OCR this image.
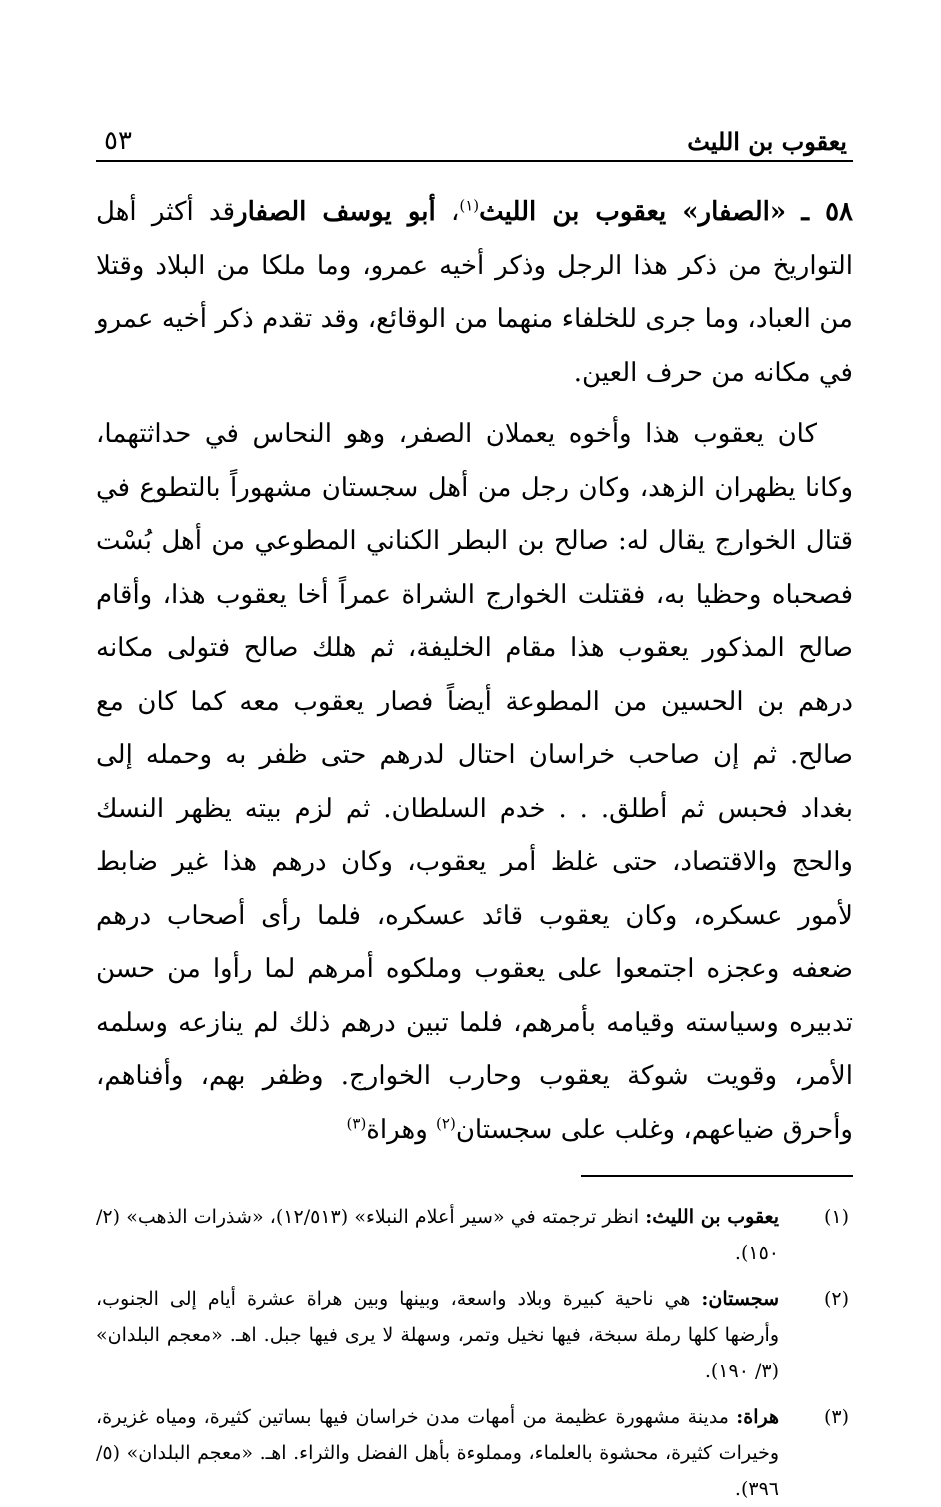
يعقوب بن الليث
٥٣

٥٨ ـ «الصفار» يعقوب بن الليث$^{(١)}$، أبو يوسف الصفارقد أكثر أهل التواريخ من ذكر هذا الرجل وذكر أخيه عمرو، وما ملكا من البلاد وقتلا من العباد، وما جرى للخلفاء منهما من الوقائع، وقد تقدم ذكر أخيه عمرو في مكانه من حرف العين.

كان يعقوب هذا وأخوه يعملان الصفر، وهو النحاس في حداثتهما، وكانا يظهران الزهد، وكان رجل من أهل سجستان مشهوراً بالتطوع في قتال الخوارج يقال له: صالح بن البطر الكناني المطوعي من أهل بُسْت فصحباه وحظيا به، فقتلت الخوارج الشراة عمراً أخا يعقوب هذا، وأقام صالح المذكور يعقوب هذا مقام الخليفة، ثم هلك صالح فتولى مكانه درهم بن الحسين من المطوعة أيضاً فصار يعقوب معه كما كان مع صالح. ثم إن صاحب خراسان احتال لدرهم حتى ظفر به وحمله إلى بغداد فحبس ثم أطلق. . . خدم السلطان. ثم لزم بيته يظهر النسك والحج والاقتصاد، حتى غلظ أمر يعقوب، وكان درهم هذا غير ضابط لأمور عسكره، وكان يعقوب قائد عسكره، فلما رأى أصحاب درهم ضعفه وعجزه اجتمعوا على يعقوب وملكوه أمرهم لما رأوا من حسن تدبيره وسياسته وقيامه بأمرهم، فلما تبين درهم ذلك لم ينازعه وسلمه الأمر، وقويت شوكة يعقوب وحارب الخوارج. وظفر بهم، وأفناهم، وأحرق ضياعهم، وغلب على سجستان$^{(٢)}$ وهراة$^{(٣)}$

(١)
يعقوب بن الليث: انظر ترجمته في «سير أعلام النبلاء» (١٢/٥١٣)، «شذرات الذهب» (٢/ ١٥٠).
(٢)
سجستان: هي ناحية كبيرة وبلاد واسعة، وبينها وبين هراة عشرة أيام إلى الجنوب، وأرضها كلها رملة سبخة، فيها نخيل وتمر، وسهلة لا يرى فيها جبل. اهـ. «معجم البلدان» (٣/ ١٩٠).
(٣)
هراة: مدينة مشهورة عظيمة من أمهات مدن خراسان فيها بساتين كثيرة، ومياه غزيرة، وخيرات كثيرة، محشوة بالعلماء، ومملوءة بأهل الفضل والثراء. اهـ. «معجم البلدان» (٥/ ٣٩٦).
